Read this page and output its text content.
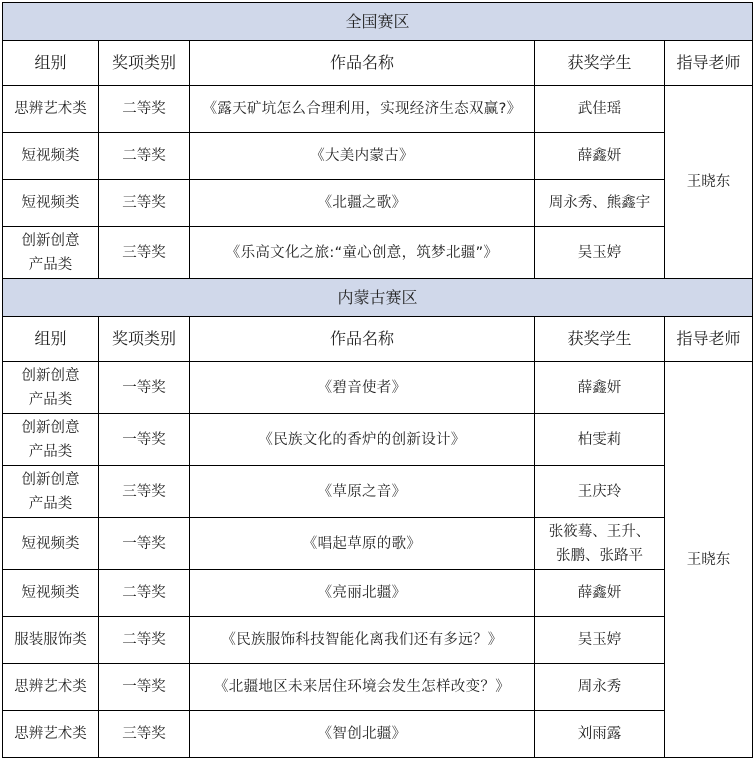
全国赛区				
组别	奖项类别	作品名称	获奖学生	指导老师

思辨艺术类	二等奖	《露天矿坑怎么合理利用，实现经济生态双赢?》	武佳瑶	王晓东

短视频类	二等奖	《大美内蒙古》	薛鑫妍	

短视频类	三等奖	《北疆之歌》	周永秀、熊鑫宇	

创新创意
产品类	三等奖	《乐高文化之旅:“童心创意，筑梦北疆”》	吴玉婷	

内蒙古赛区				
组别	奖项类别	作品名称	获奖学生	指导老师

创新创意
产品类	一等奖	《碧音使者》	薛鑫妍	王晓东

创新创意
产品类	一等奖	《民族文化的香炉的创新设计》	柏雯莉	

创新创意
产品类	三等奖	《草原之音》	王庆玲	

短视频类	一等奖	《唱起草原的歌》	张筱蓦、王升、
张鹏、张路平	

短视频类	二等奖	《亮丽北疆》	薛鑫妍	

服装服饰类	二等奖	《民族服饰科技智能化离我们还有多远？》	吴玉婷	

思辨艺术类	一等奖	《北疆地区未来居住环境会发生怎样改变？》	周永秀	

思辨艺术类	三等奖	《智创北疆》	刘雨露	
